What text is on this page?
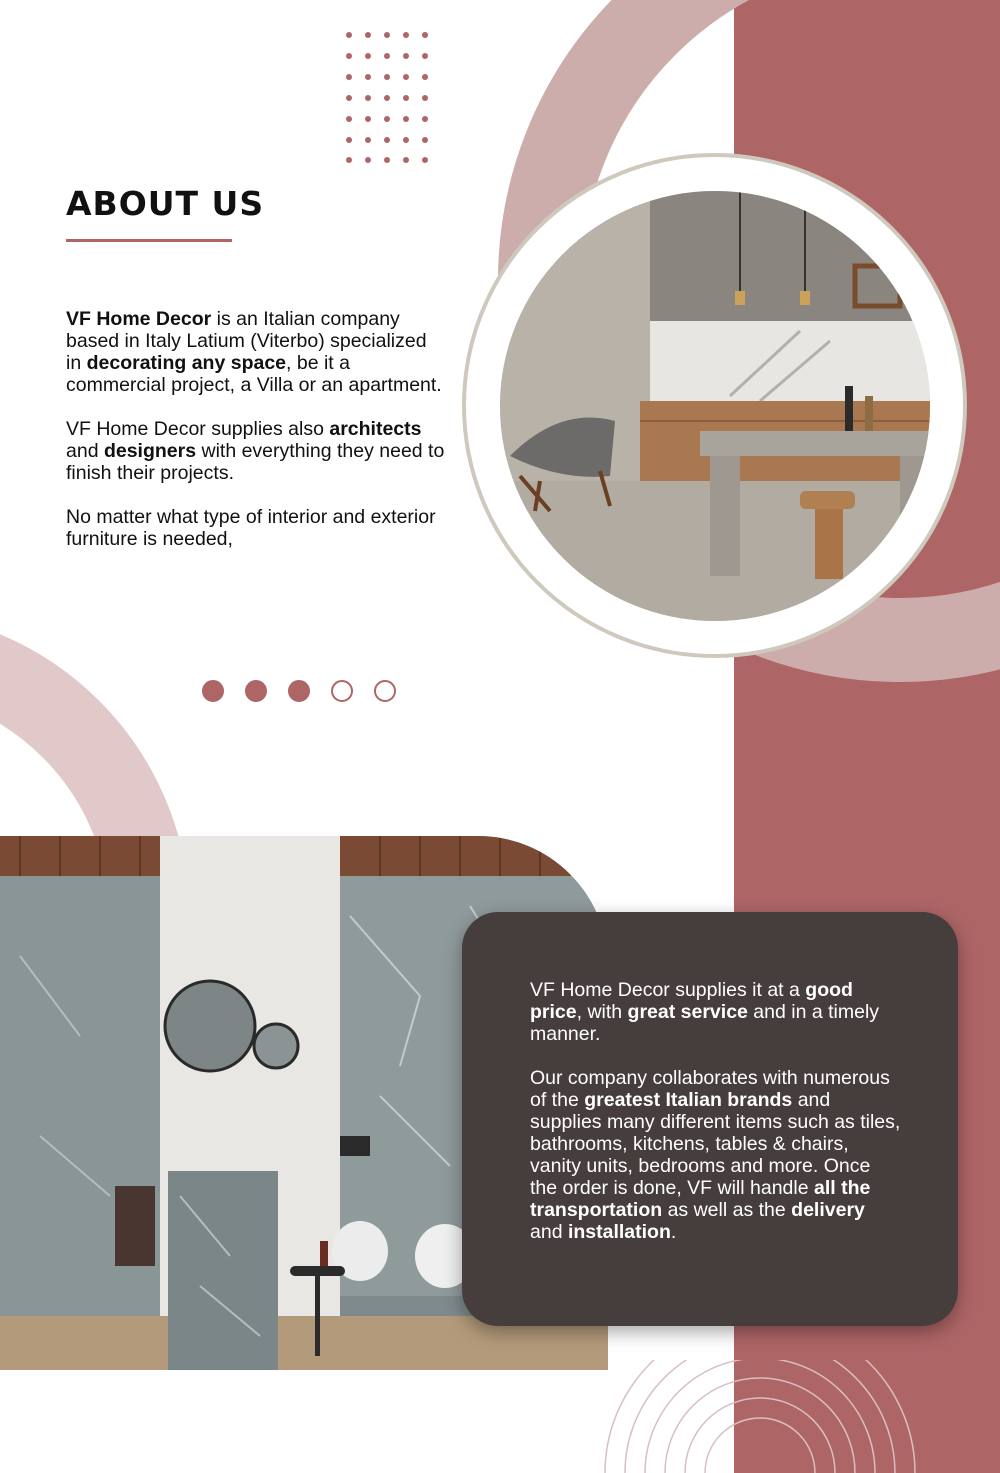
ABOUT US

VF Home Decor is an Italian company based in Italy Latium (Viterbo) specialized in decorating any space, be it a commercial project, a Villa or an apartment.

VF Home Decor supplies also architects and designers with everything they need to finish their projects.

No matter what type of interior and exterior furniture is needed,

VF Home Decor supplies it at a good price, with great service and in a timely manner.

Our company collaborates with numerous of the greatest Italian brands and supplies many different items such as tiles, bathrooms, kitchens, tables & chairs, vanity units, bedrooms and more. Once the order is done, VF will handle all the transportation as well as the delivery and installation.
